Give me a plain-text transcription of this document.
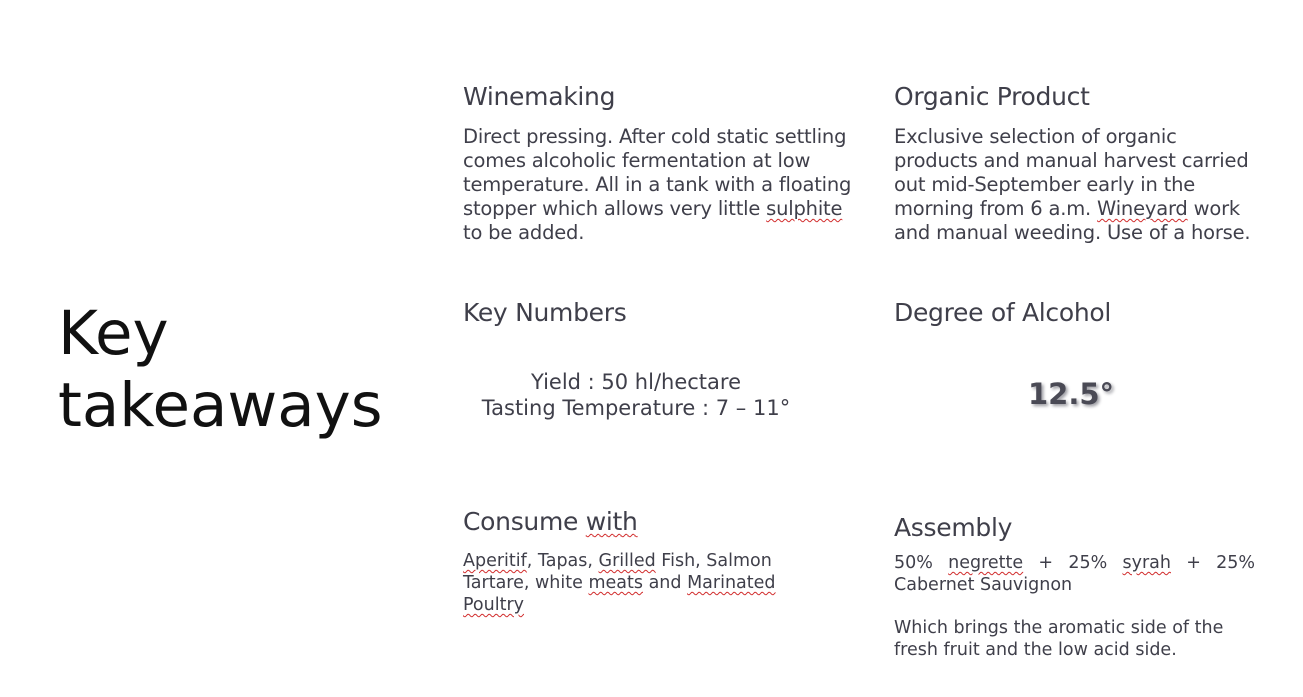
Key
takeaways
Winemaking
Direct pressing. After cold static settling
comes alcoholic fermentation at low
temperature. All in a tank with a floating
stopper which allows very little sulphite
to be added.
Organic Product
Exclusive selection of organic
products and manual harvest carried
out mid-September early in the
morning from 6 a.m. Wineyard work
and manual weeding. Use of a horse.
Key Numbers
Yield : 50 hl/hectare
Tasting Temperature : 7 – 11°
Degree of Alcohol
12.5°
Consume with
Aperitif, Tapas, Grilled Fish, Salmon
Tartare, white meats and Marinated
Poultry
Assembly
50% negrette + 25% syrah + 25%
Cabernet Sauvignon
Which brings the aromatic side of the
fresh fruit and the low acid side.
